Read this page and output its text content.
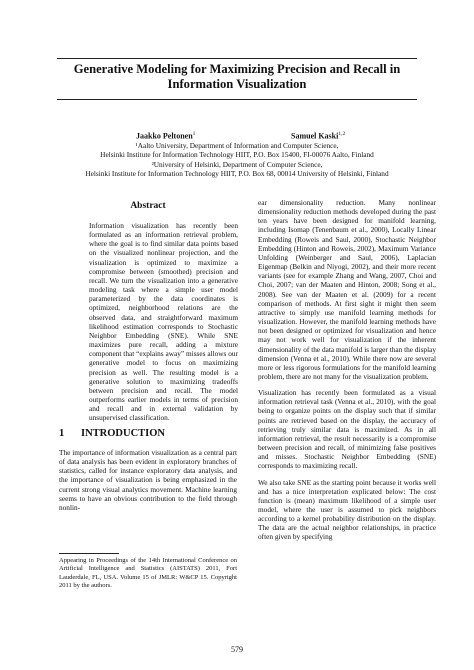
Generative Modeling for Maximizing Precision and Recall in
Information Visualization
Jaakko Peltonen$^1$	Samuel Kaski$^{1,2}$
¹Aalto University, Department of Information and Computer Science,
Helsinki Institute for Information Technology HIIT, P.O. Box 15400, FI-00076 Aalto, Finland
²University of Helsinki, Department of Computer Science,
Helsinki Institute for Information Technology HIIT, P.O. Box 68, 00014 University of Helsinki, Finland
Abstract

Information visualization has recently been formulated as an information retrieval problem, where the goal is to find similar data points based on the visualized nonlinear projection, and the visualization is optimized to maximize a compromise between (smoothed) precision and recall. We turn the visualization into a generative modeling task where a simple user model parameterized by the data coordinates is optimized, neighborhood relations are the observed data, and straightforward maximum likelihood estimation corresponds to Stochastic Neighbor Embedding (SNE). While SNE maximizes pure recall, adding a mixture component that “explains away” misses allows our generative model to focus on maximizing precision as well. The resulting model is a generative solution to maximizing tradeoffs between precision and recall. The model outperforms earlier models in terms of precision and recall and in external validation by unsupervised classification.

1 INTRODUCTION

The importance of information visualization as a central part of data analysis has been evident in exploratory branches of statistics, called for instance exploratory data analysis, and the importance of visualization is being emphasized in the current strong visual analytics movement. Machine learning seems to have an obvious contribution to the field through nonlin-

Appearing in Proceedings of the 14th International Conference on Artificial Intelligence and Statistics (AISTATS) 2011, Fort Lauderdale, FL, USA. Volume 15 of JMLR: W&CP 15. Copyright 2011 by the authors.

ear dimensionality reduction. Many nonlinear dimensionality reduction methods developed during the past ten years have been designed for manifold learning, including Isomap (Tenenbaum et al., 2000), Locally Linear Embedding (Roweis and Saul, 2000), Stochastic Neighbor Embedding (Hinton and Roweis, 2002), Maximum Variance Unfolding (Weinberger and Saul, 2006), Laplacian Eigenmap (Belkin and Niyogi, 2002), and their more recent variants (see for example Zhang and Wang, 2007, Choi and Choi, 2007; van der Maaten and Hinton, 2008; Song et al., 2008). See van der Maaten et al. (2009) for a recent comparison of methods. At first sight it might then seem attractive to simply use manifold learning methods for visualization. However, the manifold learning methods have not been designed or optimized for visualization and hence may not work well for visualization if the inherent dimensionality of the data manifold is larger than the display dimension (Venna et al., 2010). While there now are several more or less rigorous formulations for the manifold learning problem, there are not many for the visualization problem.

Visualization has recently been formulated as a visual information retrieval task (Venna et al., 2010), with the goal being to organize points on the display such that if similar points are retrieved based on the display, the accuracy of retrieving truly similar data is maximized. As in all information retrieval, the result necessarily is a compromise between precision and recall, of minimizing false positives and misses. Stochastic Neighbor Embedding (SNE) corresponds to maximizing recall.

We also take SNE as the starting point because it works well and has a nice interpretation explicated below: The cost function is (mean) maximum likelihood of a simple user model, where the user is assumed to pick neighbors according to a kernel probability distribution on the display. The data are the actual neighbor relationships, in practice often given by specifying

579
